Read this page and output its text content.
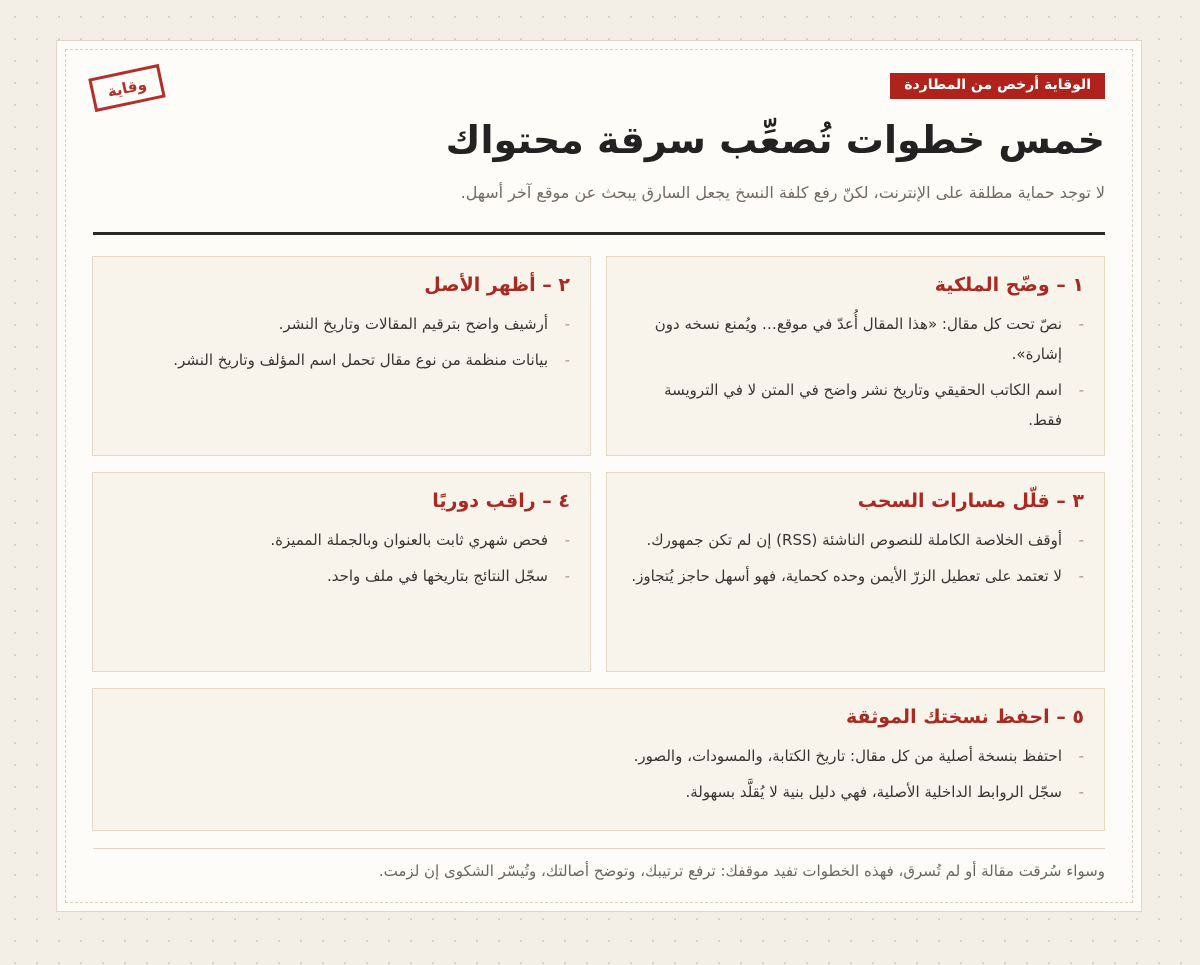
وقاية	الوقاية أرخص من المطاردة
خمس خطوات تُصعِّب سرقة محتواك

لا توجد حماية مطلقة على الإنترنت، لكنّ رفع كلفة النسخ يجعل السارق يبحث عن موقع آخر أسهل.

١ – وضّح الملكية
-
نصّ تحت كل مقال: «هذا المقال أُعدّ في موقع… ويُمنع نسخه دون إشارة».
-
اسم الكاتب الحقيقي وتاريخ نشر واضح في المتن لا في الترويسة فقط.
٢ – أظهر الأصل
-
أرشيف واضح بترقيم المقالات وتاريخ النشر.
-
بيانات منظمة من نوع مقال تحمل اسم المؤلف وتاريخ النشر.
٣ – قلّل مسارات السحب
-
أوقف الخلاصة الكاملة للنصوص الناشئة (RSS) إن لم تكن جمهورك.
-
لا تعتمد على تعطيل الزرّ الأيمن وحده كحماية، فهو أسهل حاجز يُتجاوز.
٤ – راقب دوريًا
-
فحص شهري ثابت بالعنوان وبالجملة المميزة.
-
سجّل النتائج بتاريخها في ملف واحد.
٥ – احفظ نسختك الموثقة
-
احتفظ بنسخة أصلية من كل مقال: تاريخ الكتابة، والمسودات، والصور.
-
سجّل الروابط الداخلية الأصلية، فهي دليل بنية لا يُقلَّد بسهولة.

وسواء سُرقت مقالة أو لم تُسرق، فهذه الخطوات تفيد موقفك: ترفع ترتيبك، وتوضح أصالتك، وتُيسّر الشكوى إن لزمت.
